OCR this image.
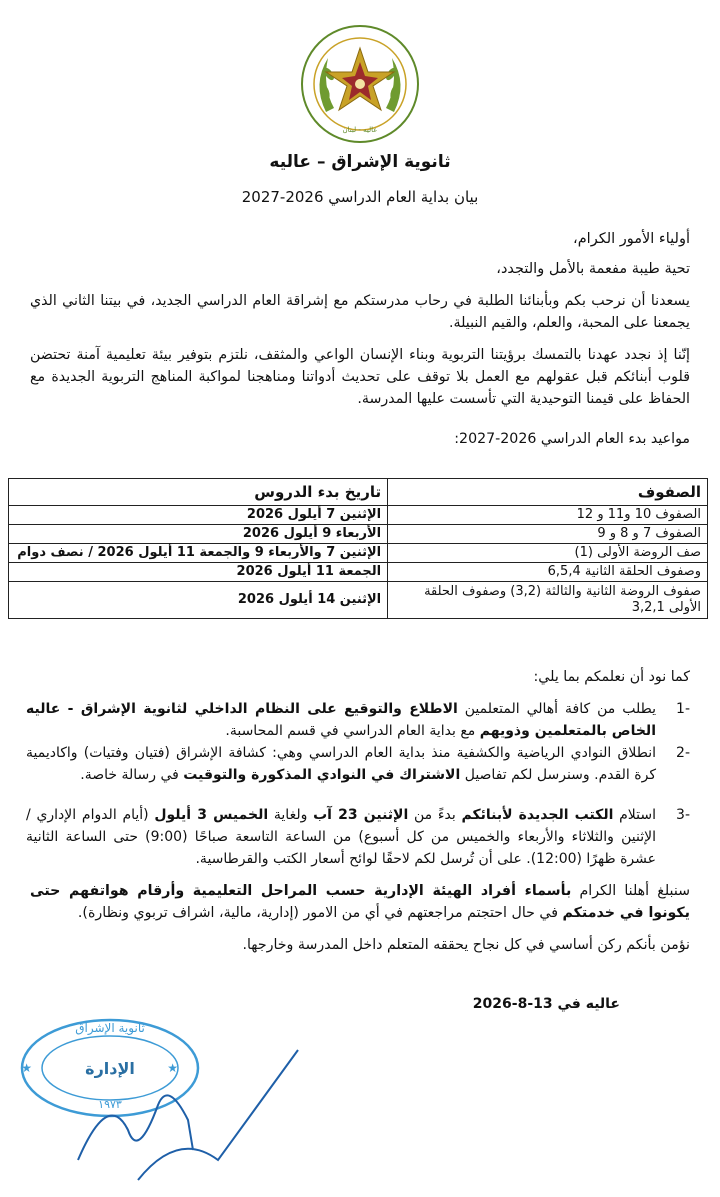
عاليه - لبنان
ثانوية الإشراق – عاليه
بيان بداية العام الدراسي 2026-2027
أولياء الأمور الكرام،
تحية طيبة مفعمة بالأمل والتجدد،
يسعدنا أن نرحب بكم وبأبنائنا الطلبة في رحاب مدرستكم مع إشراقة العام الدراسي الجديد، في بيتنا الثاني الذي يجمعنا على المحبة، والعلم، والقيم النبيلة.
إنّنا إذ نجدد عهدنا بالتمسك برؤيتنا التربوية وبناء الإنسان الواعي والمثقف، نلتزم بتوفير بيئة تعليمية آمنة تحتضن قلوب أبنائكم قبل عقولهم مع العمل بلا توقف على تحديث أدواتنا ومناهجنا لمواكبة المناهج التربوية الجديدة مع الحفاظ على قيمنا التوحيدية التي تأسست عليها المدرسة.
مواعيد بدء العام الدراسي 2026-2027:
الصفوف	تاريخ بدء الدروس
الصفوف 10 و11 و 12	الإثنين 7 أيلول 2026
الصفوف 7 و 8 و 9	الأربعاء 9 أيلول 2026
صف الروضة الأولى (1)	الإثنين 7 والأربعاء 9 والجمعة 11 أيلول 2026 / نصف دوام
وصفوف الحلقة الثانية 6,5,4	الجمعة 11 أيلول 2026
صفوف الروضة الثانية والثالثة (3,2) وصفوف الحلقة الأولى 3,2,1	الإثنين 14 أيلول 2026
كما نود أن نعلمكم بما يلي:
-1
يطلب من كافة أهالي المتعلمين الاطلاع والتوقيع على النظام الداخلي لثانوية الإشراق - عاليه الخاص بالمتعلمين وذويهم مع بداية العام الدراسي في قسم المحاسبة.
-2
انطلاق النوادي الرياضية والكشفية منذ بداية العام الدراسي وهي: كشافة الإشراق (فتيان وفتيات) واكاديمية كرة القدم. وسنرسل لكم تفاصيل الاشتراك في النوادي المذكورة والتوقيت في رسالة خاصة.
-3
استلام الكتب الجديدة لأبنائكم بدءً من الإثنين 23 آب ولغاية الخميس 3 أيلول (أيام الدوام الإداري /الإثنين والثلاثاء والأربعاء والخميس من كل أسبوع) من الساعة التاسعة صباحًا (9:00) حتى الساعة الثانية عشرة ظهرًا (12:00). على أن تُرسل لكم لاحقًا لوائح أسعار الكتب والقرطاسية.
سنبلغ أهلنا الكرام بأسماء أفراد الهيئة الإدارية حسب المراحل التعليمية وأرقام هواتفهم حتى يكونوا في خدمتكم في حال احتجتم مراجعتهم في أي من الامور (إدارية، مالية، اشراف تربوي ونظارة).
نؤمن بأنكم ركن أساسي في كل نجاح يحققه المتعلم داخل المدرسة وخارجها.
عاليه في 13-8-2026
ثانوية الإشراق
الإدارة
١٩٧٣
★	★
